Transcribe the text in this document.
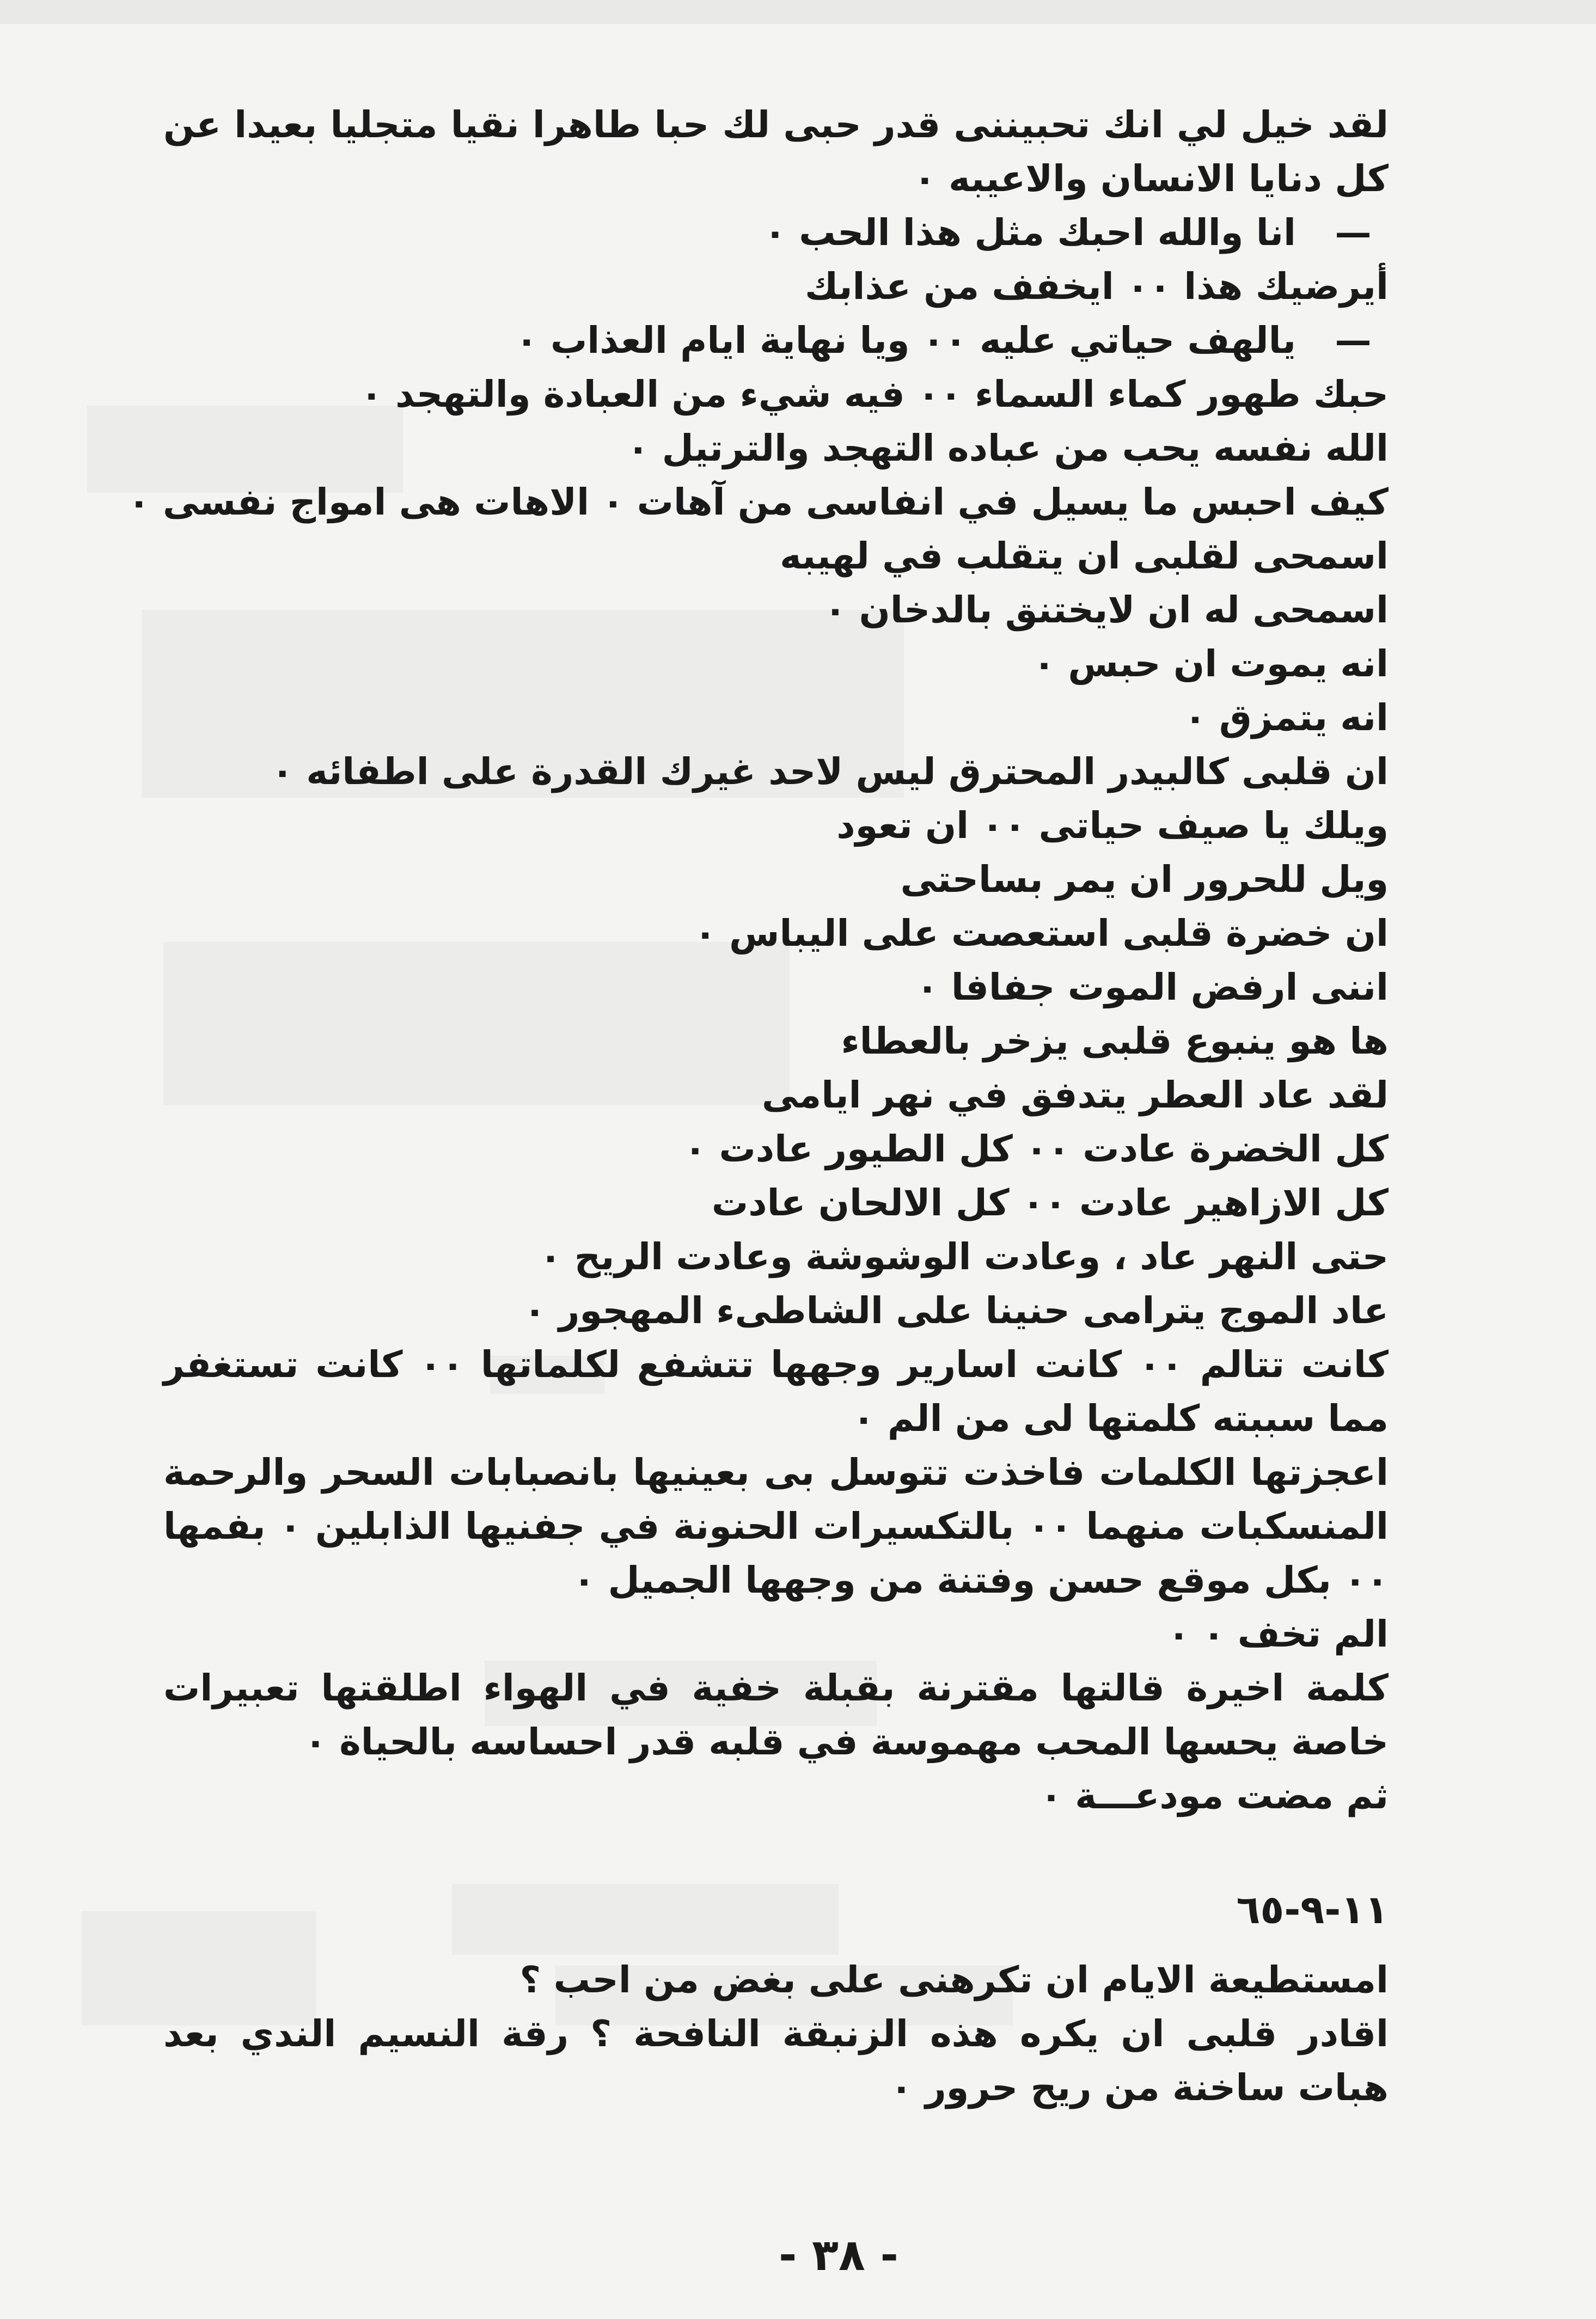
لقد خيل لي انك تحبيننى قدر حبى لك حبا طاهرا نقيا متجليا بعيدا عن كل دنايا الانسان والاعيبه ٠
—انا والله احبك مثل هذا الحب ٠
أيرضيك هذا ٠٠ ايخفف من عذابك
—يالهف حياتي عليه ٠٠ ويا نهاية ايام العذاب ٠
حبك طهور كماء السماء ٠٠ فيه شيء من العبادة والتهجد ٠
الله نفسه يحب من عباده التهجد والترتيل ٠
كيف احبس ما يسيل في انفاسى من آهات ٠ الاهات هى امواج نفسى ٠
اسمحى لقلبى ان يتقلب في لهيبه
اسمحى له ان لايختنق بالدخان ٠
انه يموت ان حبس ٠
انه يتمزق ٠
ان قلبى كالبيدر المحترق ليس لاحد غيرك القدرة على اطفائه ٠
ويلك يا صيف حياتى ٠٠ ان تعود
ويل للحرور ان يمر بساحتى
ان خضرة قلبى استعصت على اليباس ٠
اننى ارفض الموت جفافا ٠
ها هو ينبوع قلبى يزخر بالعطاء
لقد عاد العطر يتدفق في نهر ايامى
كل الخضرة عادت ٠٠ كل الطيور عادت ٠
كل الازاهير عادت ٠٠ كل الالحان عادت
حتى النهر عاد ، وعادت الوشوشة وعادت الريح ٠
عاد الموج يترامى حنينا على الشاطىء المهجور ٠
كانت تتالم ٠٠ كانت اسارير وجهها تتشفع لكلماتها ٠٠ كانت تستغفر مما سببته كلمتها لى من الم ٠
اعجزتها الكلمات فاخذت تتوسل بى بعينيها بانصبابات السحر والرحمة المنسكبات منهما ٠٠ بالتكسيرات الحنونة في جفنيها الذابلين ٠ بفمها ٠٠ بكل موقع حسن وفتنة من وجهها الجميل ٠
الم تخف ٠ ٠
كلمة اخيرة قالتها مقترنة بقبلة خفية في الهواء اطلقتها تعبيرات خاصة يحسها المحب مهموسة في قلبه قدر احساسه بالحياة ٠
ثم مضت مودعـــة ٠
١١-٩-٦٥
امستطيعة الايام ان تكرهنى على بغض من احب ؟
اقادر قلبى ان يكره هذه الزنبقة النافحة ؟ رقة النسيم الندي بعد هبات ساخنة من ريح حرور ٠
- ٣٨ -
